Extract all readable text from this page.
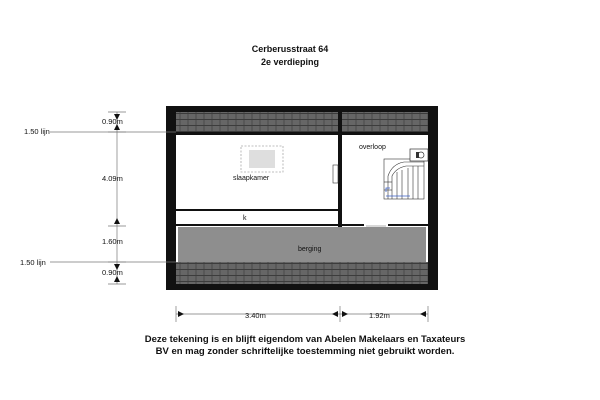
Cerberusstraat 64
2e verdieping
0.90m
4.09m
1.60m
0.90m
3.40m	1.92m
1.50 lijn
1.50 lijn
slaapkamer
overloop
k
berging
Deze tekening is en blijft eigendom van Abelen Makelaars en Taxateurs
BV en mag zonder schriftelijke toestemming niet gebruikt worden.
